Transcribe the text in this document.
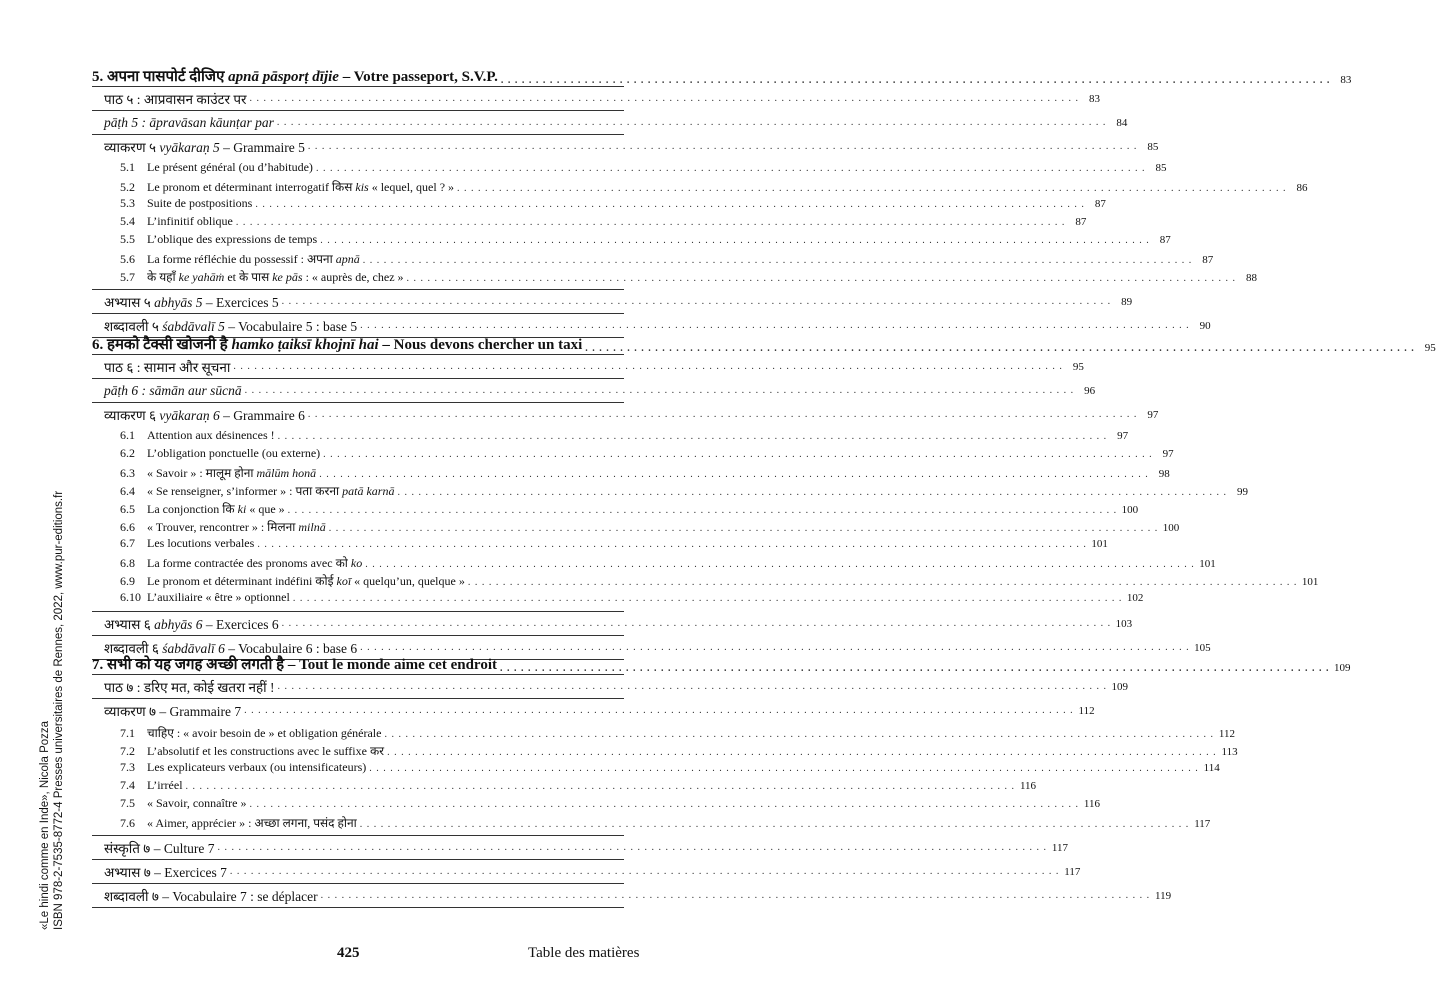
5. अपना पासपोर्ट दीजिए apnā pāsporṭ dījie – Votre passeport, S.V.P. . . .	83
पाठ ५ : आप्रवासन काउंटर पर . . .	83
pāṭh 5 : āpravāsan kāunṭar par . . .	84
व्याकरण ५ vyākaraṇ 5 – Grammaire 5 . . .	85
5.1 Le présent général (ou d’habitude) . . .	85
5.2 Le pronom et déterminant interrogatif किस kis « lequel, quel ? » . . .	86
5.3 Suite de postpositions . . .	87
5.4 L’infinitif oblique . . .	87
5.5 L’oblique des expressions de temps . . .	87
5.6 La forme réfléchie du possessif : अपना apnā . . .	87
5.7 के यहाँ ke yahāṁ et के पास ke pās : « auprès de, chez » . . .	88
अभ्यास ५ abhyās 5 – Exercices 5 . . .	89
शब्दावली ५ śabdāvalī 5 – Vocabulaire 5 : base 5 . . .	90
6. हमको टैक्सी खोजनी है hamko ṭaiksī khojnī hai – Nous devons chercher un taxi . . .	95
पाठ ६ : सामान और सूचना . . .	95
pāṭh 6 : sāmān aur sūcnā . . .	96
व्याकरण ६ vyākaraṇ 6 – Grammaire 6 . . .	97
6.1 Attention aux désinences ! . . .	97
6.2 L’obligation ponctuelle (ou externe) . . .	97
6.3 « Savoir » : मालूम होना mālūm honā . . .	98
6.4 « Se renseigner, s’informer » : पता करना patā karnā . . .	99
6.5 La conjonction कि ki « que » . . .	100
6.6 « Trouver, rencontrer » : मिलना milnā . . .	100
6.7 Les locutions verbales . . .	101
6.8 La forme contractée des pronoms avec को ko . . .	101
6.9 Le pronom et déterminant indéfini कोई koī « quelqu’un, quelque » . . .	101
6.10 L’auxiliaire « être » optionnel . . .	102
अभ्यास ६ abhyās 6 – Exercices 6 . . .	103
शब्दावली ६ śabdāvalī 6 – Vocabulaire 6 : base 6 . . .	105
7. सभी को यह जगह अच्छी लगती है – Tout le monde aime cet endroit . . .	109
पाठ ७ : डरिए मत, कोई खतरा नहीं ! . . .	109
व्याकरण ७ – Grammaire 7 . . .	112
7.1 चाहिए : « avoir besoin de » et obligation générale . . .	112
7.2 L’absolutif et les constructions avec le suffixe कर . . .	113
7.3 Les explicateurs verbaux (ou intensificateurs) . . .	114
7.4 L’irréel . . .	116
7.5 « Savoir, connaître » . . .	116
7.6 « Aimer, apprécier » : अच्छा लगना, पसंद होना . . .	117
संस्कृति ७ – Culture 7 . . .	117
अभ्यास ७ – Exercices 7 . . .	117
शब्दावली ७ – Vocabulaire 7 : se déplacer . . .	119
425	Table des matières
«Le hindi comme en Inde», Nicola Pozza ISBN 978-2-7535-8772-4 Presses universitaires de Rennes, 2022, www.pur-editions.fr
